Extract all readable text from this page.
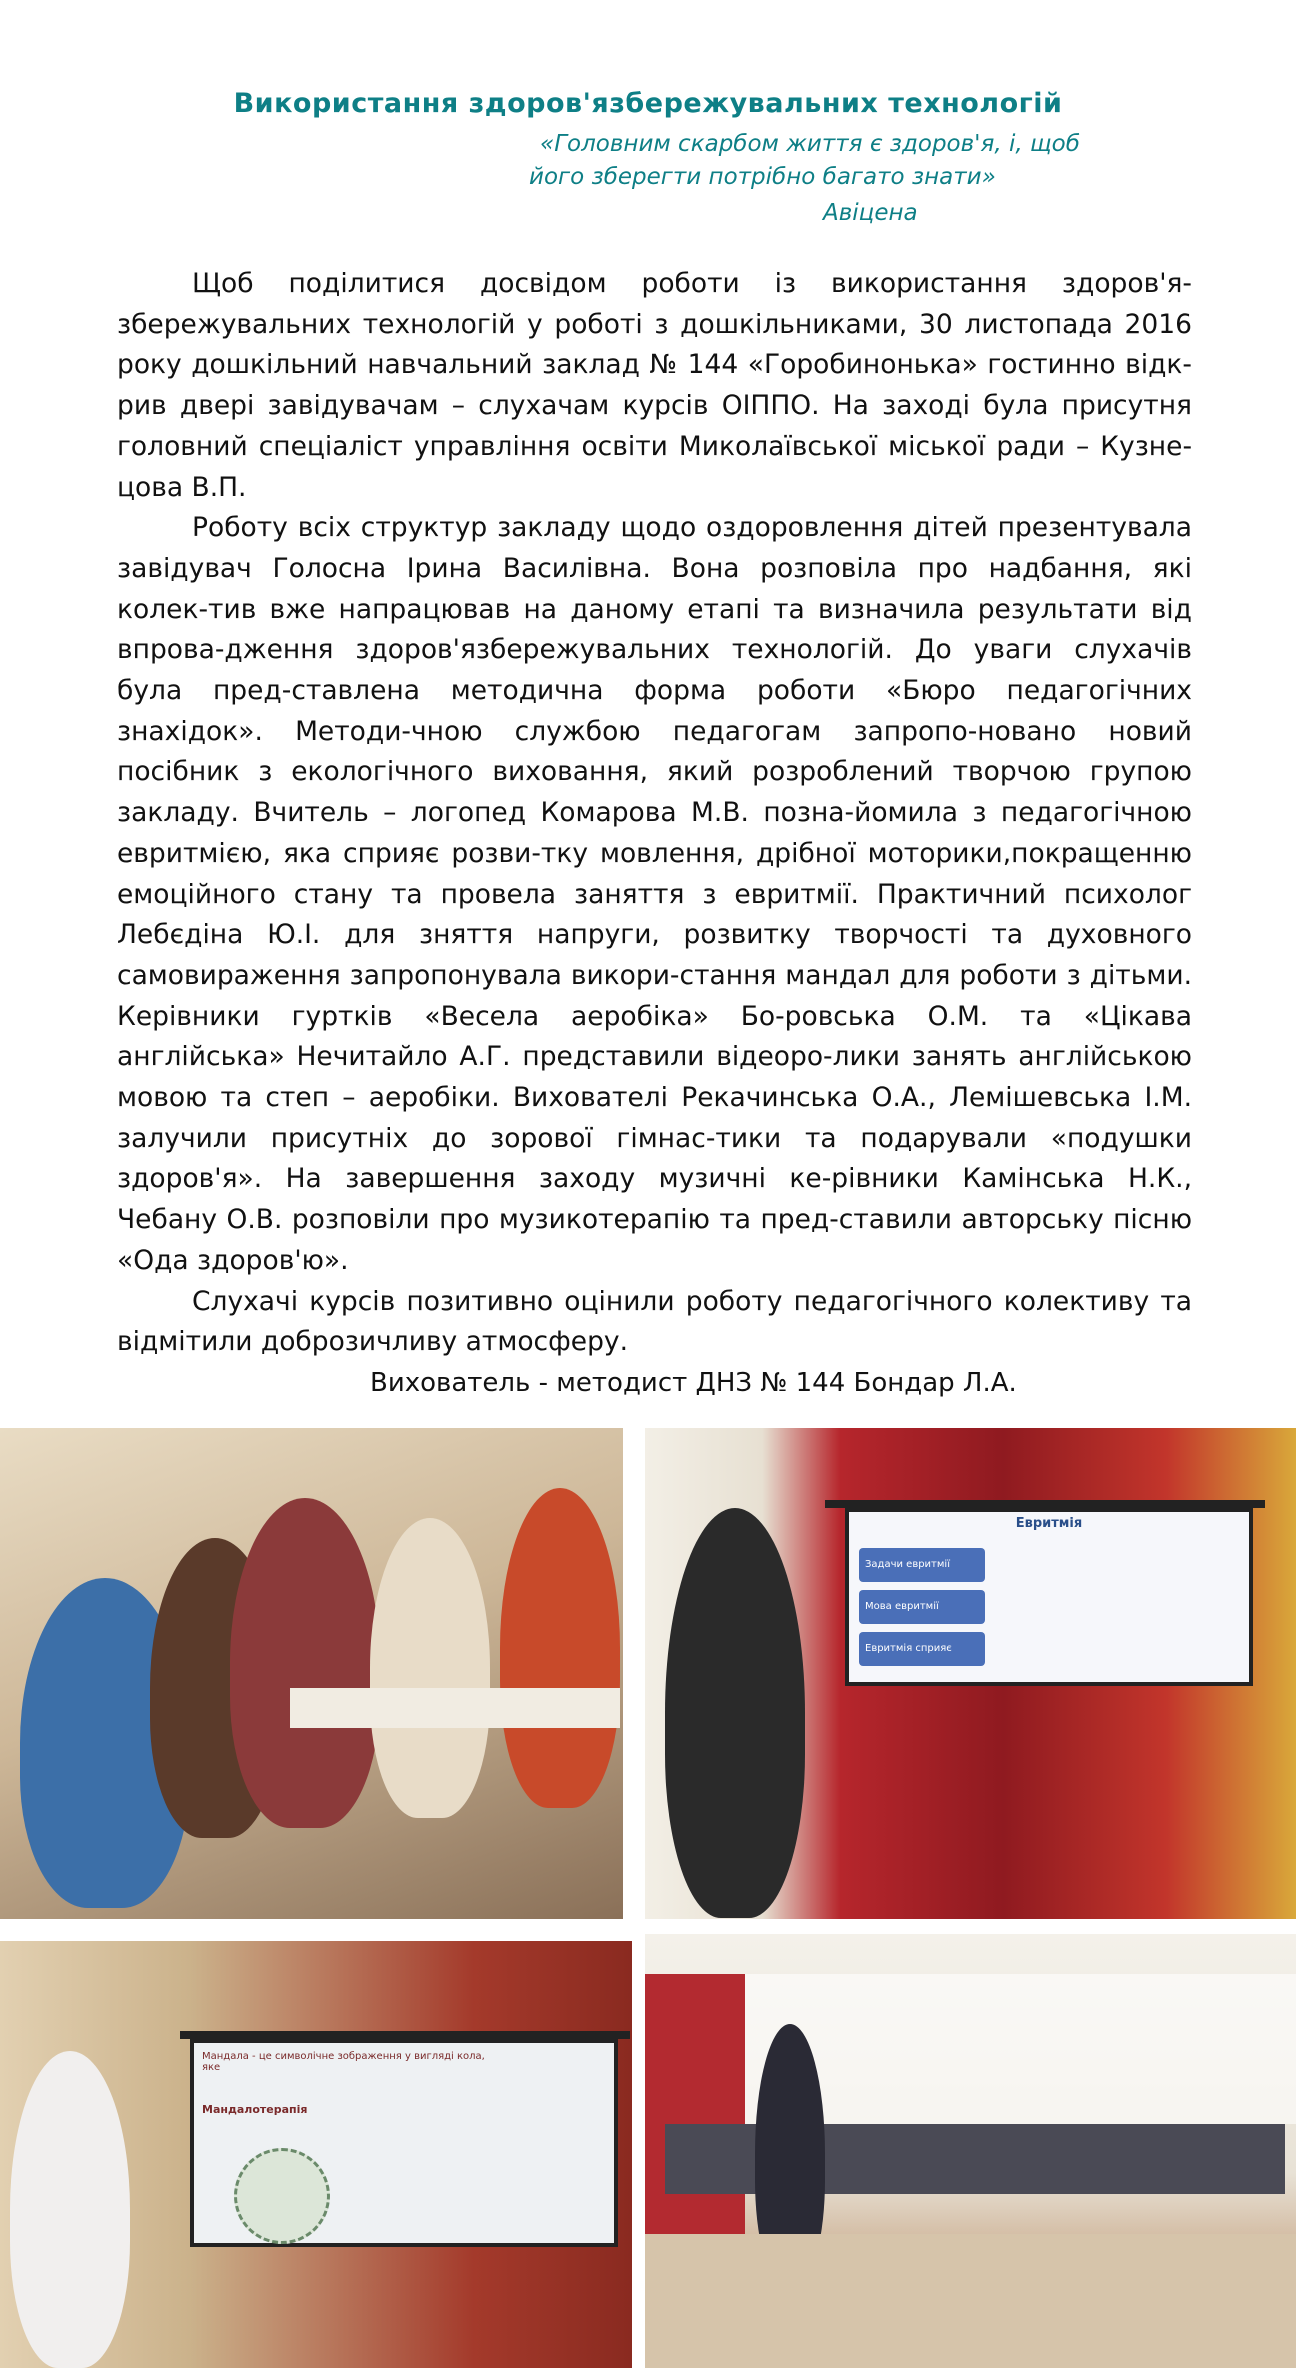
Використання здоров'язбережувальних технологій
«Головним скарбом життя є здоров'я, і, щоб
його зберегти потрібно багато знати»
Авіцена

Щоб поділитися досвідом роботи із використання здоров'я-збережувальних технологій у роботі з дошкільниками, 30 листопада 2016 року дошкільний навчальний заклад № 144 «Горобинонька» гостинно відк-рив двері завідувачам – слухачам курсів ОІППО. На заході була присутня головний спеціаліст управління освіти Миколаївської міської ради – Кузне-цова В.П.

Роботу всіх структур закладу щодо оздоровлення дітей презентувала завідувач Голосна Ірина Василівна. Вона розповіла про надбання, які колек-тив вже напрацював на даному етапі та визначила результати від впрова-дження здоров'язбережувальних технологій. До уваги слухачів була пред-ставлена методична форма роботи «Бюро педагогічних знахідок». Методи-чною службою педагогам запропо-новано новий посібник з екологічного виховання, який розроблений творчою групою закладу. Вчитель – логопед Комарова М.В. позна-йомила з педагогічною евритмією, яка сприяє розви-тку мовлення, дрібної моторики,покращенню емоційного стану та провела заняття з евритмії. Практичний психолог Лебєдіна Ю.І. для зняття напруги, розвитку творчості та духовного самовираження запропонувала викори-стання мандал для роботи з дітьми. Керівники гуртків «Весела аеробіка» Бо-ровська О.М. та «Цікава англійська» Нечитайло А.Г. представили відеоро-лики занять англійською мовою та степ – аеробіки. Вихователі Рекачинська О.А., Лемішевська І.М. залучили присутніх до зорової гімнас-тики та подарували «подушки здоров'я». На завершення заходу музичні ке-рівники Камінська Н.К., Чебану О.В. розповіли про музикотерапію та пред-ставили авторську пісню «Ода здоров'ю».

Слухачі курсів позитивно оцінили роботу педагогічного колективу та відмітили доброзичливу атмосферу.

Вихователь - методист ДНЗ № 144 Бондар Л.А.
Евритмія
Задачи евритмії
Мова евритмії
Евритмія сприяє
Мандала - це символічне зображення у вигляді кола, яке
Мандалотерапія
